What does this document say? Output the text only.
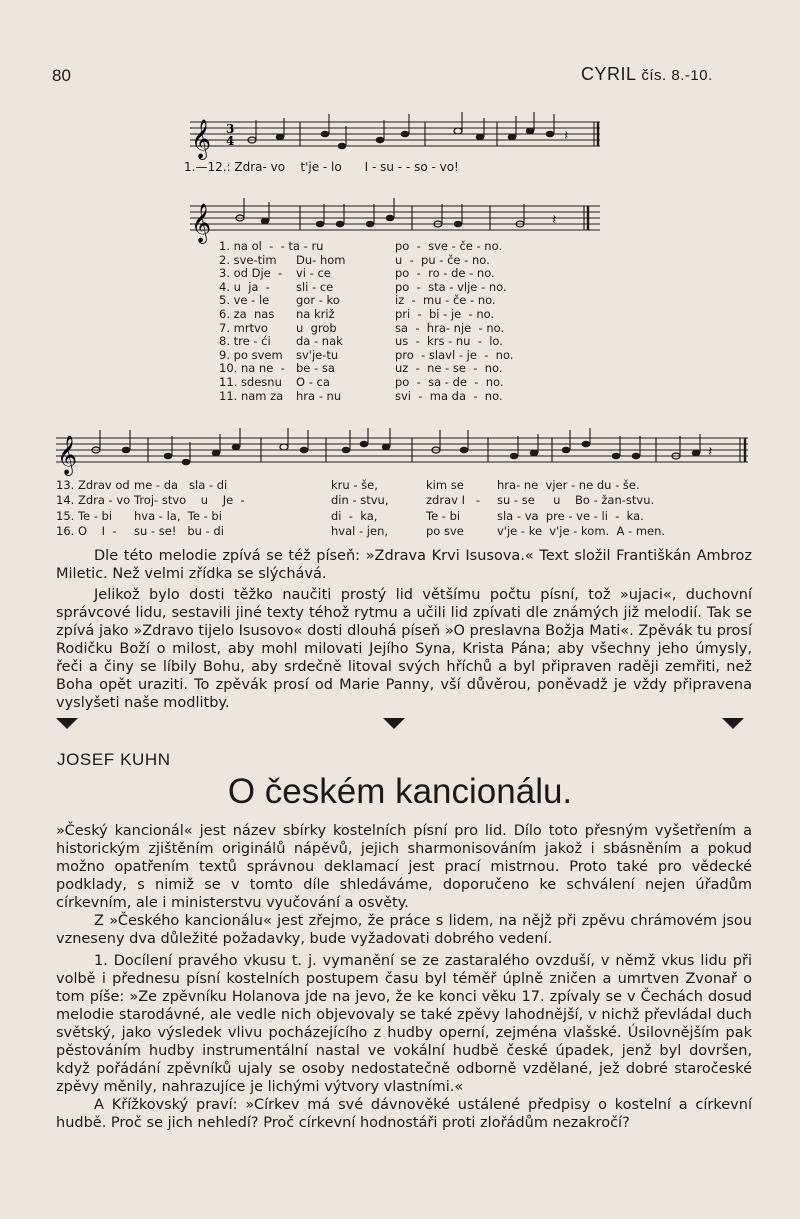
80	CYRIL čís. 8.-10.
𝄞 3
4	𝄽
1.—12.: Zdra- vo    t'je - lo      I - su - - so - vo!
𝄞	𝄽
1. na ol  -  - ta - ru	po  -  sve - če - no.
2. sve-tim Du- hom	u  -  pu - če - no.
3. od Dje  - vi - ce	po  -  ro - de - no.
4. u  ja  - sli - ce	po  -  sta - vlje - no.
5. ve - le gor - ko	iz  -  mu - če - no.
6. za  nas na križ	pri  -  bi - je  - no.
7. mrtvo u  grob	sa  -  hra- nje  - no.
8. tre - ći da - nak	us  -  krs - nu  -  lo.
9. po svem sv'je-tu	pro  - slavl - je  -  no.
10. na ne  - be - sa	uz  -  ne - se  -  no.
11. sdesnu O - ca	po  -  sa - de  -  no.
11. nam za hra - nu	svi  -  ma da  -  no.
𝄞	𝄽

13. Zdrav od me - da   sla - di	kru - še,	kim se	hra- ne  vjer - ne du - še.

14. Zdra - vo Troj- stvo    u    Je  -	din - stvu,	zdrav I   - su - se     u    Bo - žan-stvu.

15. Te - bi hva - la,  Te - bi	di  -  ka,	Te - bi	sla - va  pre - ve - li  -  ka.

16. O    I  - su - se!   bu - di	hval - jen,	po sve	v'je - ke  v'je - kom.  A - men.

Dle této melodie zpívá se též píseň: »Zdrava Krvi Isusova.« Text složil Františkán Ambroz Miletic. Než velmi zřídka se slýchává.

Jelikož bylo dosti těžko naučiti prostý lid většímu počtu písní, tož »ujaci«, duchovní správcové lidu, sestavili jiné texty téhož rytmu a učili lid zpívati dle známých již melodií. Tak se zpívá jako »Zdravo tijelo Isusovo« dosti dlouhá píseň »O preslavna Božja Mati«. Zpěvák tu prosí Rodičku Boží o milost, aby mohl milovati Jejího Syna, Krista Pána; aby všechny jeho úmysly, řeči a činy se líbily Bohu, aby srdečně litoval svých hříchů a byl připraven raději zemřiti, než Boha opět uraziti. To zpěvák prosí od Marie Panny, vší důvěrou, poněvadž je vždy připravena vyslyšeti naše modlitby.

JOSEF KUHN
O českém kancionálu.

»Český kancionál« jest název sbírky kostelních písní pro lid. Dílo toto přesným vyšetřením a historickým zjištěním originálů nápěvů, jejich sharmonisováním jakož i sbásněním a pokud možno opatřením textů správnou deklamací jest prací mistrnou. Proto také pro vědecké podklady, s nimiž se v tomto díle shledáváme, doporučeno ke schválení nejen úřadům církevním, ale i ministerstvu vyučování a osvěty.

Z »Českého kancionálu« jest zřejmo, že práce s lidem, na nějž při zpěvu chrámovém jsou vzneseny dva důležité požadavky, bude vyžadovati dobrého vedení.

1. Docílení pravého vkusu t. j. vymanění se ze zastaralého ovzduší, v němž vkus lidu při volbě i přednesu písní kostelních postupem času byl téměř úplně zničen a umrtven Zvonař o tom píše: »Ze zpěvníku Holanova jde na jevo, že ke konci věku 17. zpívaly se v Čechách dosud melodie starodávné, ale vedle nich objevovaly se také zpěvy lahodnější, v nichž převládal duch světský, jako výsledek vlivu pocházejícího z hudby operní, zejména vlašské. Úsilovnějším pak pěstováním hudby instrumentální nastal ve vokální hudbě české úpadek, jenž byl dovršen, když pořádání zpěvníků ujaly se osoby nedostatečně odborně vzdělané, jež dobré staročeské zpěvy měnily, nahrazujíce je lichými výtvory vlastními.«

A Křížkovský praví: »Církev má své dávnověké ustálené předpisy o kostelní a církevní hudbě. Proč se jich nehledí? Proč církevní hodnostáři proti zlořádům nezakročí?
